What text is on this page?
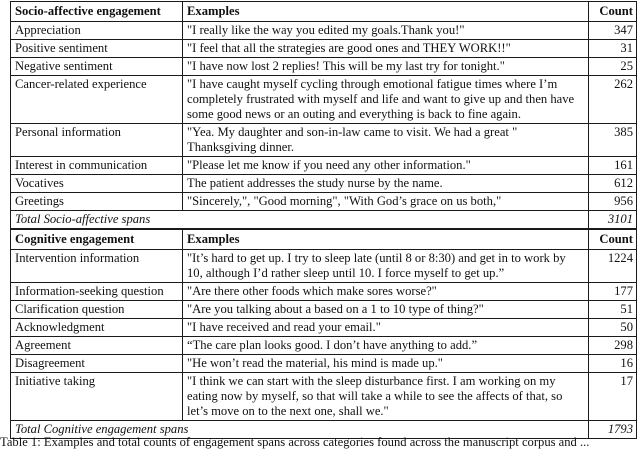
Socio-affective engagement	Examples	Count
Appreciation	"I really like the way you edited my goals.Thank you!"	347
Positive sentiment	"I feel that all the strategies are good ones and THEY WORK!!"	31
Negative sentiment	"I have now lost 2 replies! This will be my last try for tonight."	25
Cancer-related experience	"I have caught myself cycling through emotional fatigue times where I’m completely frustrated with myself and life and want to give up and then have some good news or an outing and everything is back to fine again.	262
Personal information	"Yea. My daughter and son-in-law came to visit. We had a great " Thanksgiving dinner.	385
Interest in communication	"Please let me know if you need any other information."	161
Vocatives	The patient addresses the study nurse by the name.	612
Greetings	"Sincerely,", "Good morning", "With God’s grace on us both,"	956
Total Socio-affective spans		3101
Cognitive engagement	Examples	Count
Intervention information	"It’s hard to get up. I try to sleep late (until 8 or 8:30) and get in to work by 10, although I’d rather sleep until 10. I force myself to get up.”	1224
Information-seeking question	"Are there other foods which make sores worse?"	177
Clarification question	"Are you talking about a based on a 1 to 10 type of thing?"	51
Acknowledgment	"I have received and read your email."	50
Agreement	“The care plan looks good. I don’t have anything to add.”	298
Disagreement	"He won’t read the material, his mind is made up."	16
Initiative taking	"I think we can start with the sleep disturbance first. I am working on my eating now by myself, so that will take a while to see the affects of that, so let’s move on to the next one, shall we."	17
Total Cognitive engagement spans		1793
Table 1: Examples and total counts of engagement spans across categories found across the manuscript corpus and ...
